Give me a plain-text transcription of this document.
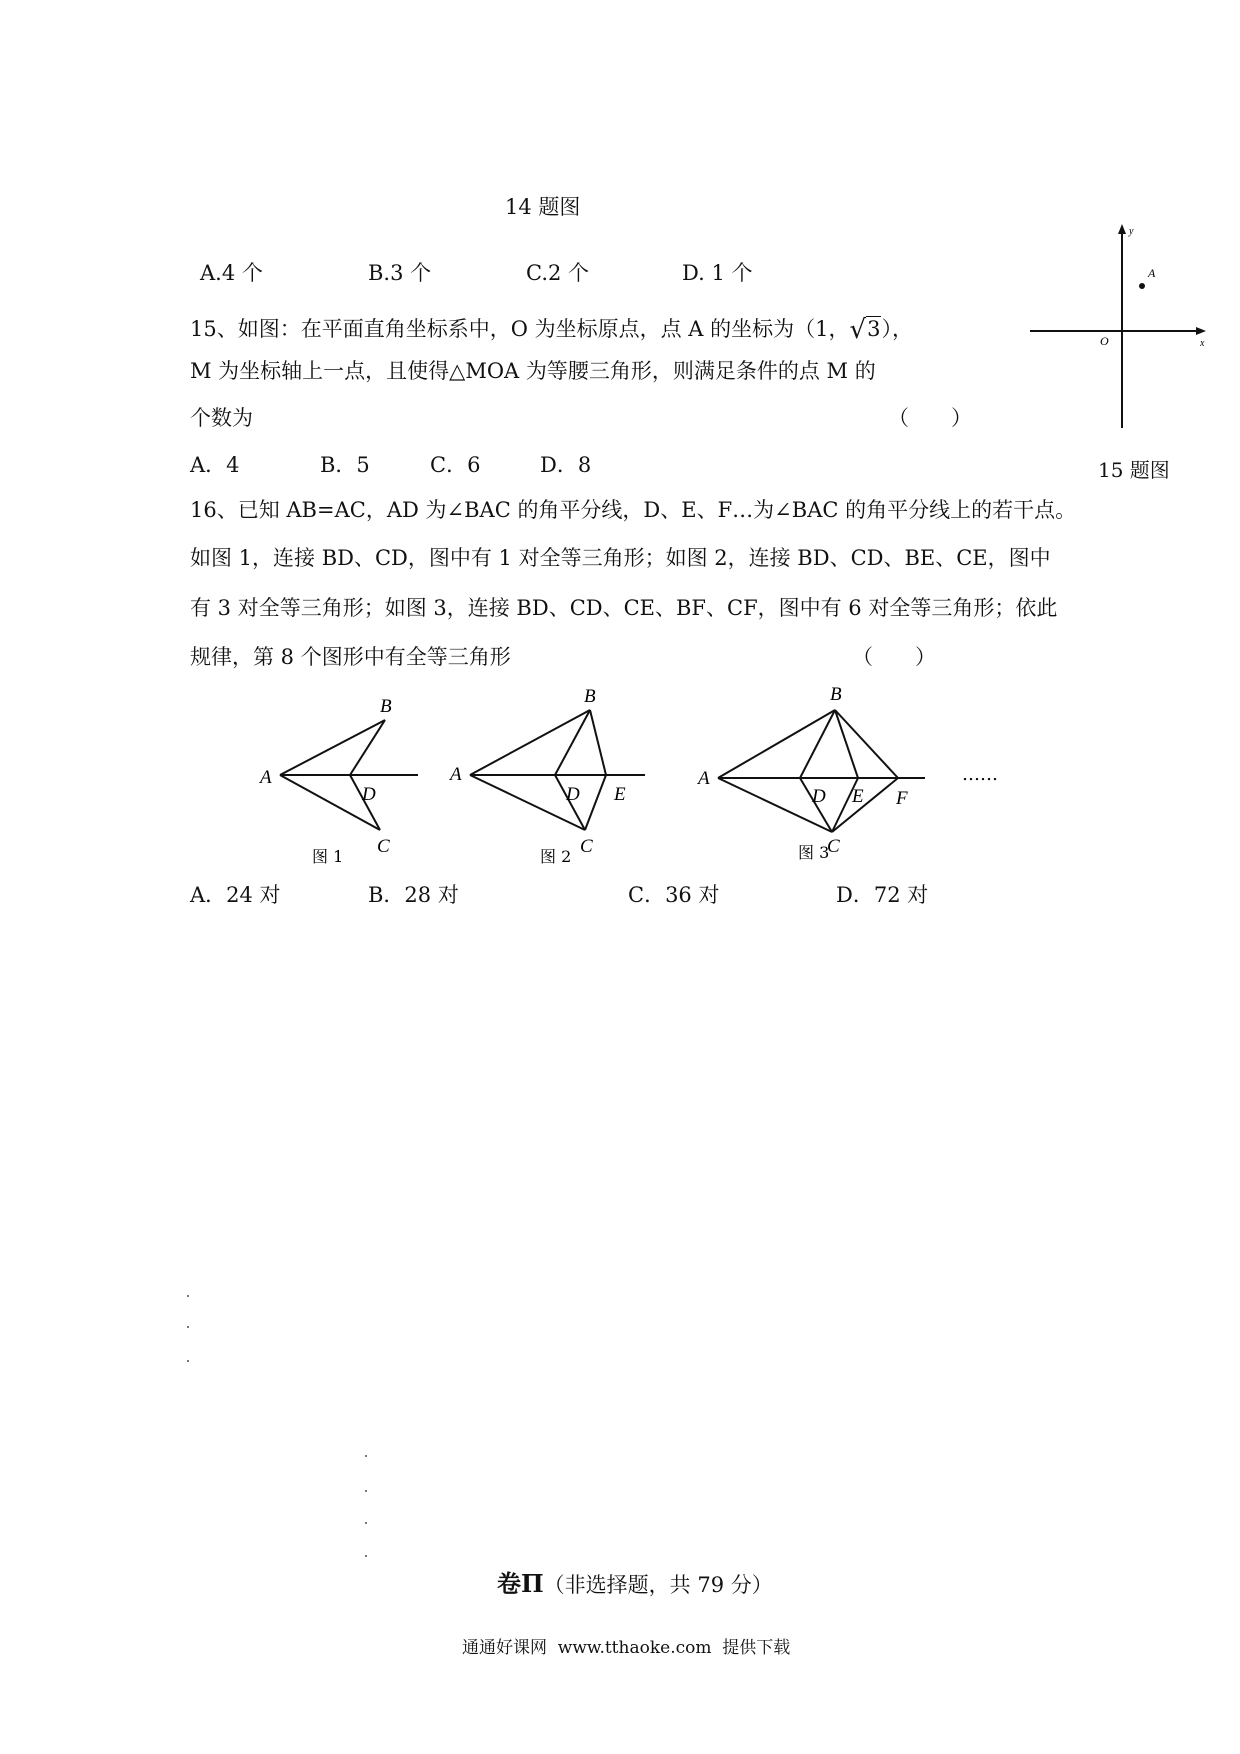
14 题图
A.4 个	B.3 个	C.2 个	D. 1 个
15、如图：在平面直角坐标系中，O 为坐标原点，点 A 的坐标为（1，√3），
M 为坐标轴上一点，且使得△MOA 为等腰三角形，则满足条件的点 M 的
个数为	（　　）
A．4	B．5	C．6	D．8
y
x
O
A
15 题图
16、已知 AB=AC，AD 为∠BAC 的角平分线，D、E、F…为∠BAC 的角平分线上的若干点。
如图 1，连接 BD、CD，图中有 1 对全等三角形；如图 2，连接 BD、CD、BE、CE，图中
有 3 对全等三角形；如图 3，连接 BD、CD、CE、BF、CF，图中有 6 对全等三角形；依此
规律，第 8 个图形中有全等三角形	（　　）
A
B
C
D
图 1
A
B
C
D E
图 2
A
B
C
D E F
图 3
……
A．24 对	B．28 对	C．36 对	D．72 对
卷Π（非选择题，共 79 分）
通通好课网  www.tthaoke.com  提供下载
